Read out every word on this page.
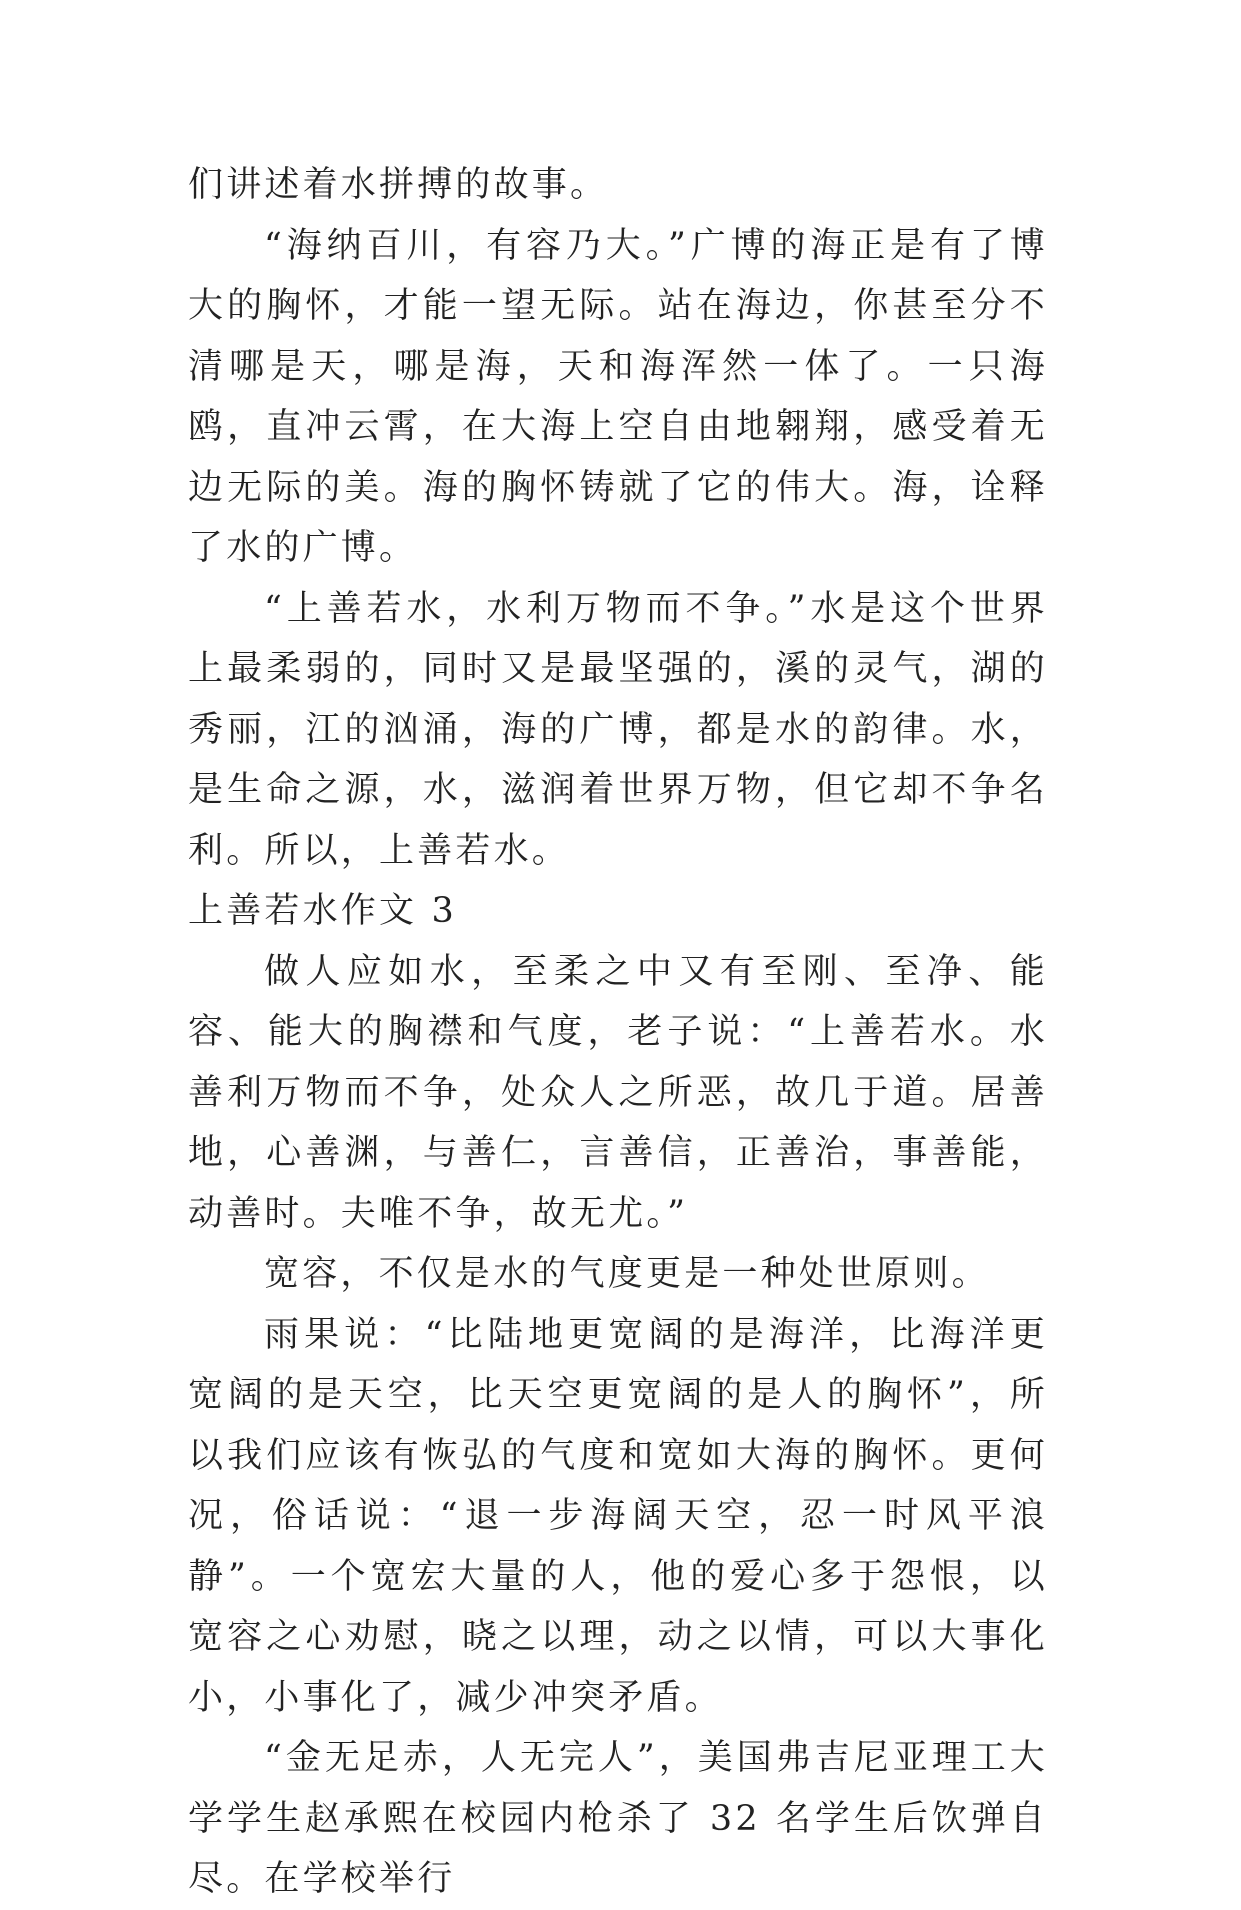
们讲述着水拼搏的故事。

“海纳百川，有容乃大。”广博的海正是有了博大的胸怀，才能一望无际。站在海边，你甚至分不清哪是天，哪是海，天和海浑然一体了。一只海鸥，直冲云霄，在大海上空自由地翱翔，感受着无边无际的美。海的胸怀铸就了它的伟大。海，诠释了水的广博。

“上善若水，水利万物而不争。”水是这个世界上最柔弱的，同时又是最坚强的，溪的灵气，湖的秀丽，江的汹涌，海的广博，都是水的韵律。水，是生命之源，水，滋润着世界万物，但它却不争名利。所以，上善若水。

上善若水作文 3

做人应如水，至柔之中又有至刚、至净、能容、能大的胸襟和气度，老子说：“上善若水。水善利万物而不争，处众人之所恶，故几于道。居善地，心善渊，与善仁，言善信，正善治，事善能，动善时。夫唯不争，故无尤。”

宽容，不仅是水的气度更是一种处世原则。

雨果说：“比陆地更宽阔的是海洋，比海洋更宽阔的是天空，比天空更宽阔的是人的胸怀”，所以我们应该有恢弘的气度和宽如大海的胸怀。更何况，俗话说：“退一步海阔天空，忍一时风平浪静”。一个宽宏大量的人，他的爱心多于怨恨，以宽容之心劝慰，晓之以理，动之以情，可以大事化小，小事化了，减少冲突矛盾。

“金无足赤，人无完人”，美国弗吉尼亚理工大学学生赵承熙在校园内枪杀了 32 名学生后饮弹自尽。在学校举行
